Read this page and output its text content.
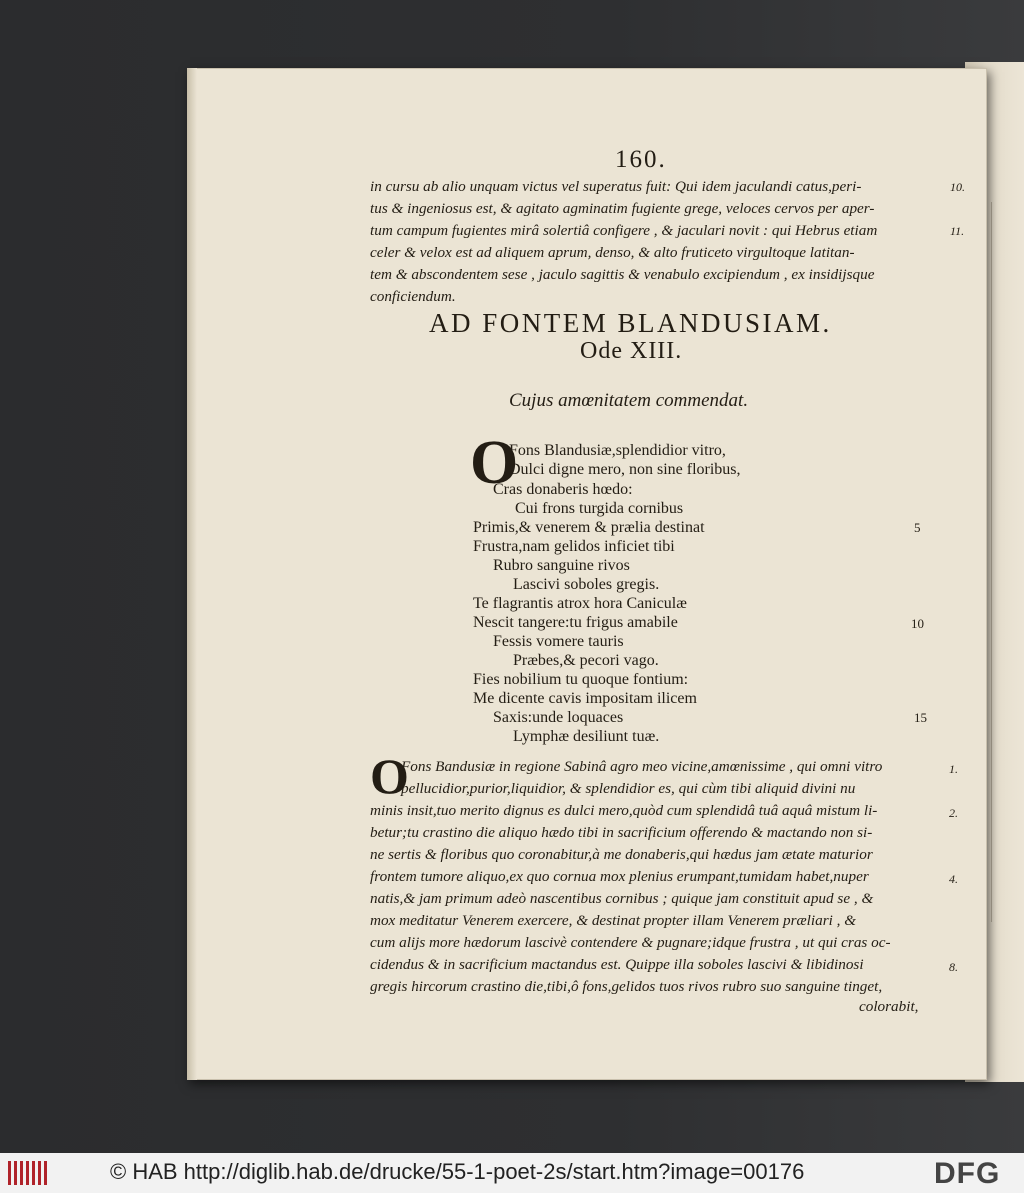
160.
in cursu ab alio unquam victus vel superatus fuit: Qui idem jaculandi catus,peri-
tus & ingeniosus est, & agitato agminatim fugiente grege, veloces cervos per aper-
tum campum fugientes mirâ solertiâ configere , & jaculari novit : qui Hebrus etiam
celer & velox est ad aliquem aprum, denso, & alto fruticeto virgultoque latitan-
tem & abscondentem sese , jaculo sagittis & venabulo excipiendum , ex insidijsque
conficiendum.
10.
11.
AD FONTEM BLANDUSIAM.
Ode XIII.
Cujus amœnitatem commendat.
O
Fons Blandusiæ,splendidior vitro,
Dulci digne mero, non sine floribus,
Cras donaberis hœdo:
Cui frons turgida cornibus
Primis,& venerem & prælia destinat
Frustra,nam gelidos inficiet tibi
Rubro sanguine rivos
Lascivi soboles gregis.
Te flagrantis atrox hora Caniculæ
Nescit tangere:tu frigus amabile
Fessis vomere tauris
Præbes,& pecori vago.
Fies nobilium tu quoque fontium:
Me dicente cavis impositam ilicem
Saxis:unde loquaces
Lymphæ desiliunt tuæ.
5
10
15
O
Fons Bandusiæ in regione Sabinâ agro meo vicine,amœnissime , qui omni vitro
pellucidior,purior,liquidior, & splendidior es, qui cùm tibi aliquid divini nu
minis insit,tuo merito dignus es dulci mero,quòd cum splendidâ tuâ aquâ mistum li-
betur;tu crastino die aliquo hædo tibi in sacrificium offerendo & mactando non si-
ne sertis & floribus quo coronabitur,à me donaberis,qui hædus jam ætate maturior
frontem tumore aliquo,ex quo cornua mox plenius erumpant,tumidam habet,nuper
natis,& jam primum adeò nascentibus cornibus ; quique jam constituit apud se , &
mox meditatur Venerem exercere, & destinat propter illam Venerem præliari , &
cum alijs more hædorum lascivè contendere & pugnare;idque frustra , ut qui cras oc-
cidendus & in sacrificium mactandus est. Quippe illa soboles lascivi & libidinosi
gregis hircorum crastino die,tibi,ô fons,gelidos tuos rivos rubro suo sanguine tinget,
colorabit,
1.
2.
4.
8.
© HAB http://diglib.hab.de/drucke/55-1-poet-2s/start.htm?image=00176	DFG
